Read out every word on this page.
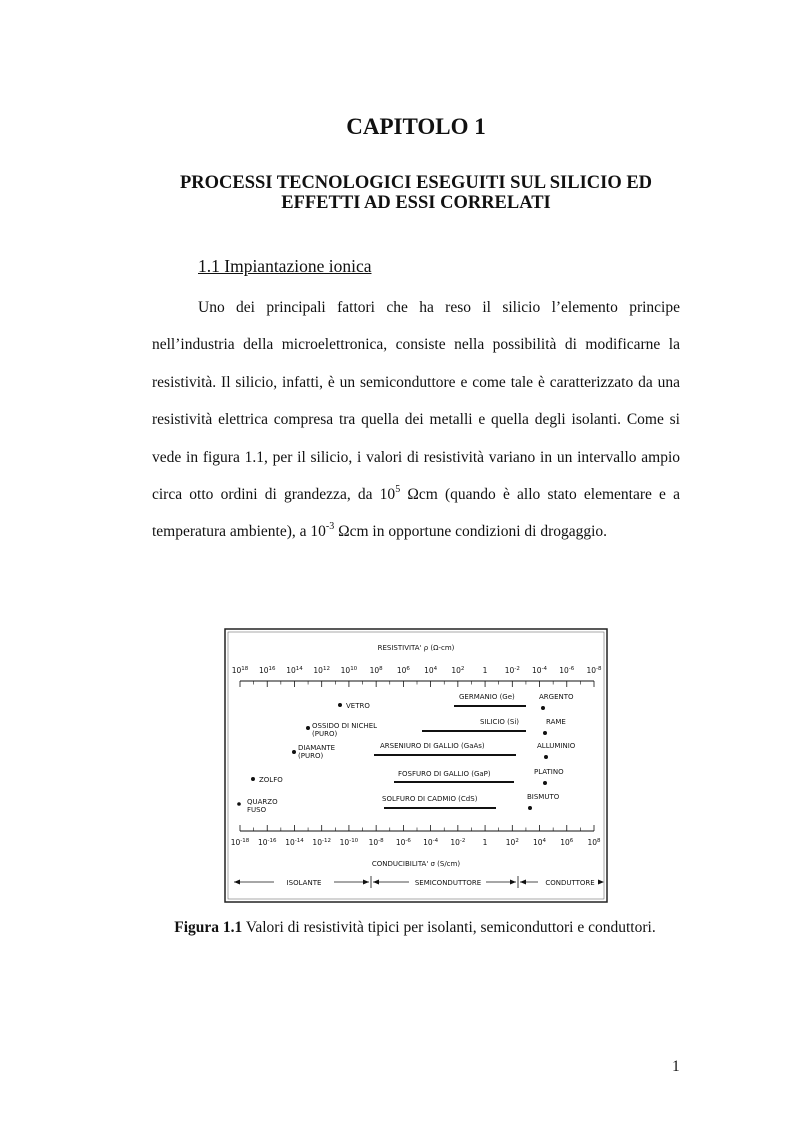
CAPITOLO 1
PROCESSI TECNOLOGICI ESEGUITI SUL SILICIO ED
EFFETTI AD ESSI CORRELATI
1.1 Impiantazione ionica

Uno dei principali fattori che ha reso il silicio l’elemento principe nell’industria della microelettronica, consiste nella possibilità di modificarne la resistività. Il silicio, infatti, è un semiconduttore e come tale è caratterizzato da una resistività elettrica compresa tra quella dei metalli e quella degli isolanti. Come si vede in figura 1.1, per il silicio, i valori di resistività variano in un intervallo ampio circa otto ordini di grandezza, da $10^5$ Ωcm (quando è allo stato elementare e a temperatura ambiente), a $10^{-3}$ Ωcm in opportune condizioni di drogaggio.

RESISTIVITA' ρ (Ω-cm)
$10^{18}$ $10^{16}$ $10^{14}$ $10^{12}$ $10^{10}$ $10^8$ $10^6$ $10^4$ $10^2$ 1 $10^{-2}$ $10^{-4}$ $10^{-6}$ $10^{-8}$
$10^{-18}$ $10^{-16}$ $10^{-14}$ $10^{-12}$ $10^{-10}$ $10^{-8}$ $10^{-6}$ $10^{-4}$ $10^{-2}$ 1 $10^2$ $10^4$ $10^6$ $10^8$
CONDUCIBILITA' σ (S/cm)
VETRO
OSSIDO DI NICHEL
(PURO)
DIAMANTE
(PURO)
ZOLFO
QUARZO
FUSO
GERMANIO (Ge)
SILICIO (Si)
ARSENIURO DI GALLIO (GaAs)
FOSFURO DI GALLIO (GaP)
SOLFURO DI CADMIO (CdS)
ARGENTO
RAME
ALLUMINIO
PLATINO
BISMUTO
ISOLANTE	SEMICONDUTTORE	CONDUTTORE
Figura 1.1 Valori di resistività tipici per isolanti, semiconduttori e conduttori.
1
